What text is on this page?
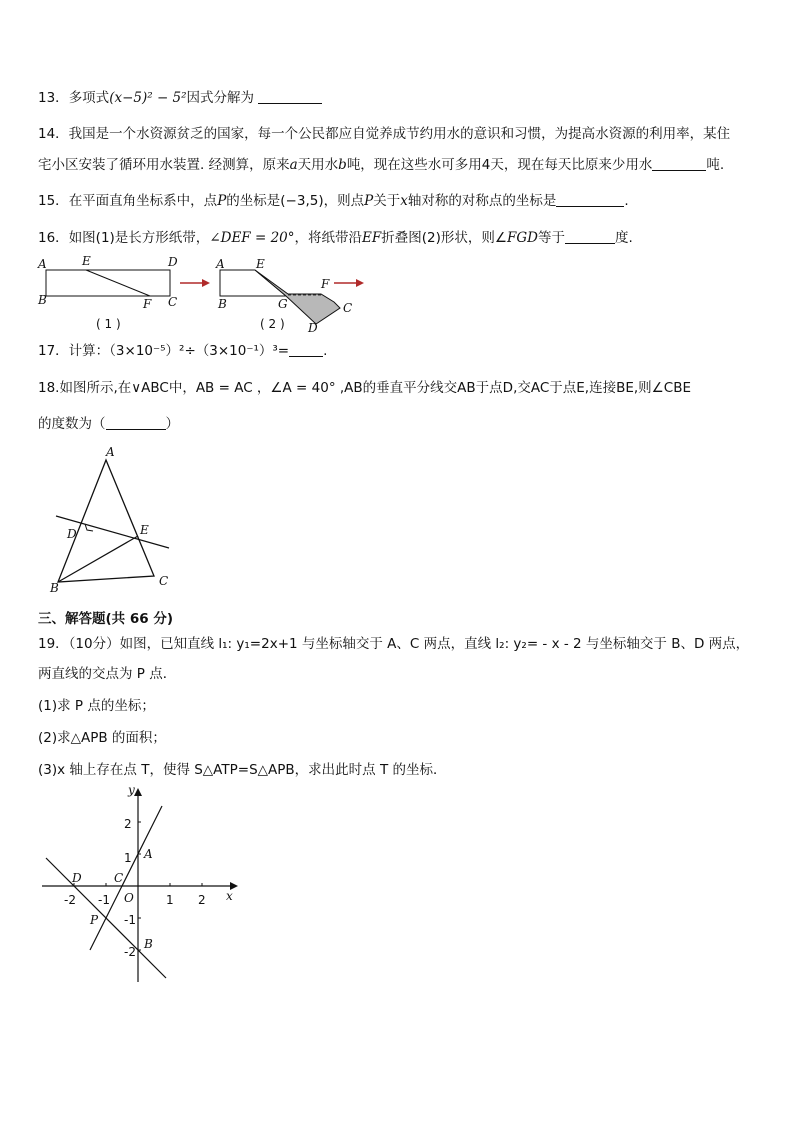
13．多项式(x−5)² − 5²因式分解为
14．我国是一个水资源贫乏的国家，每一个公民都应自觉养成节约用水的意识和习惯，为提高水资源的利用率，某住
宅小区安装了循环用水装置. 经测算，原来a天用水b吨，现在这些水可多用4天，现在每天比原来少用水	吨.
15．在平面直角坐标系中，点P的坐标是(−3,5)，则点P关于x轴对称的对称点的坐标是	.
16．如图(1)是长方形纸带，∠DEF = 20°，将纸带沿EF折叠图(2)形状，则∠FGD等于	度.
A	E	D
B	F C
( 1 )
A	E
F
B	G	C
D
( 2 )
17．计算：（3×10⁻⁵）²÷（3×10⁻¹）³=	.
18.如图所示,在∨ABC中，AB = AC ，∠A = 40° ,AB的垂直平分线交AB于点D,交AC于点E,连接BE,则∠CBE
的度数为（	）
A
D	E
B	C
三、解答题(共 66 分)
19．（10分）如图，已知直线 l₁: y₁=2x+1 与坐标轴交于 A、C 两点，直线 l₂: y₂= - x - 2 与坐标轴交于 B、D 两点，
两直线的交点为 P 点．
(1)求 P 点的坐标；
(2)求△APB 的面积；
(3)x 轴上存在点 T，使得 S△ATP=S△APB，求出此时点 T 的坐标．
y
x
A
B
C
D
P
O
-2 -1	1 2
2
1
-1
-2
